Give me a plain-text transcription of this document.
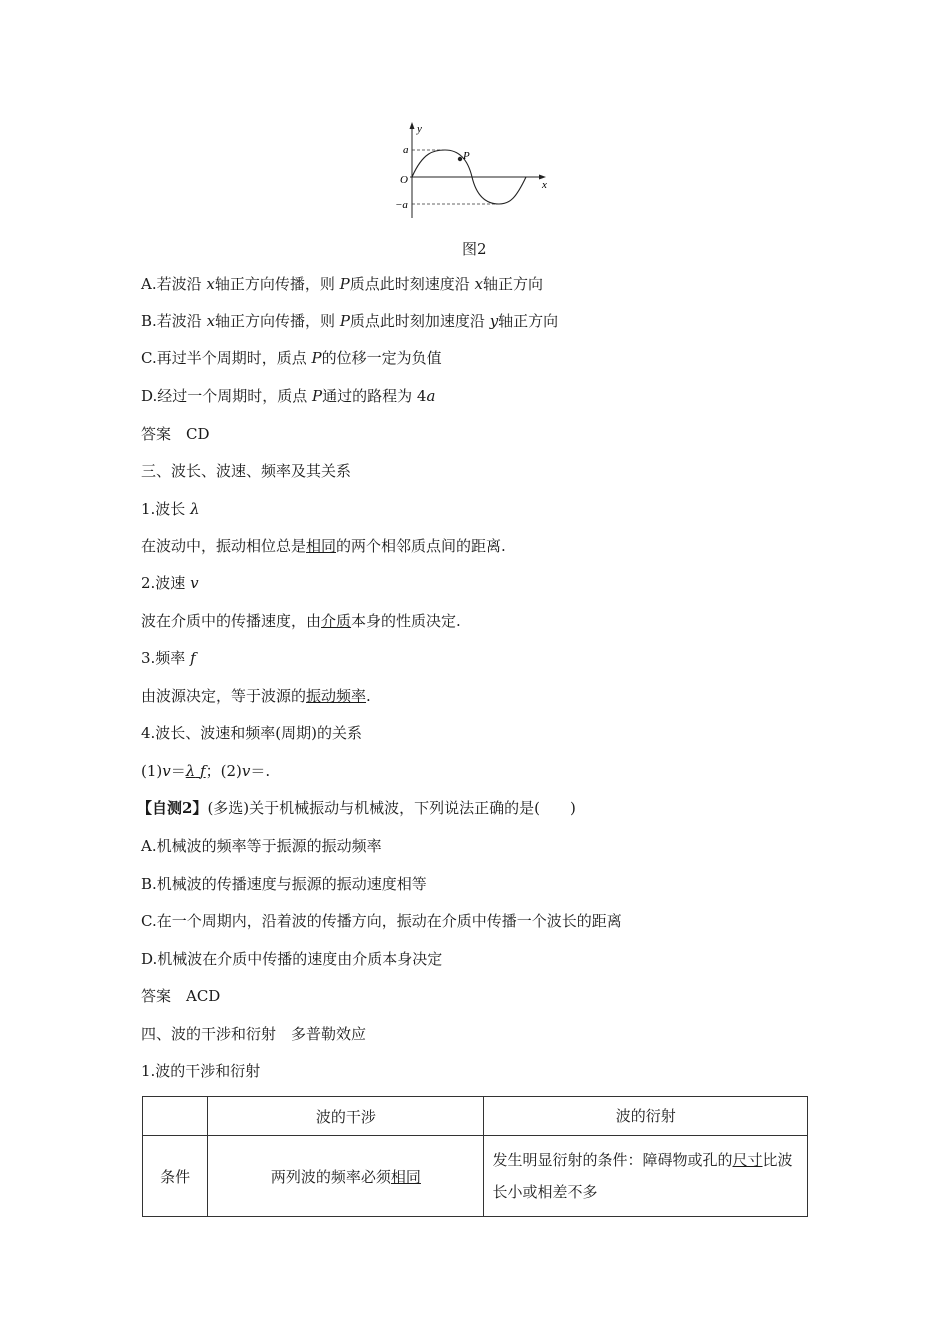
P
y
x
O
a
−a
图2
A.若波沿 x轴正方向传播，则 P质点此时刻速度沿 x轴正方向
B.若波沿 x轴正方向传播，则 P质点此时刻加速度沿 y轴正方向
C.再过半个周期时，质点 P的位移一定为负值
D.经过一个周期时，质点 P通过的路程为 4a
答案　CD
三、波长、波速、频率及其关系
1.波长 λ
在波动中，振动相位总是相同的两个相邻质点间的距离.
2.波速 v
波在介质中的传播速度，由介质本身的性质决定.
3.频率 f
由波源决定，等于波源的振动频率.
4.波长、波速和频率(周期)的关系
(1)v＝λ f；(2)v＝.
【自测2】(多选)关于机械振动与机械波，下列说法正确的是( )
A.机械波的频率等于振源的振动频率
B.机械波的传播速度与振源的振动速度相等
C.在一个周期内，沿着波的传播方向，振动在介质中传播一个波长的距离
D.机械波在介质中传播的速度由介质本身决定
答案　ACD
四、波的干涉和衍射　多普勒效应
1.波的干涉和衍射
	波的干涉	波的衍射
条件	两列波的频率必须相同	发生明显衍射的条件：障碍物或孔的尺寸比波长小或相差不多
